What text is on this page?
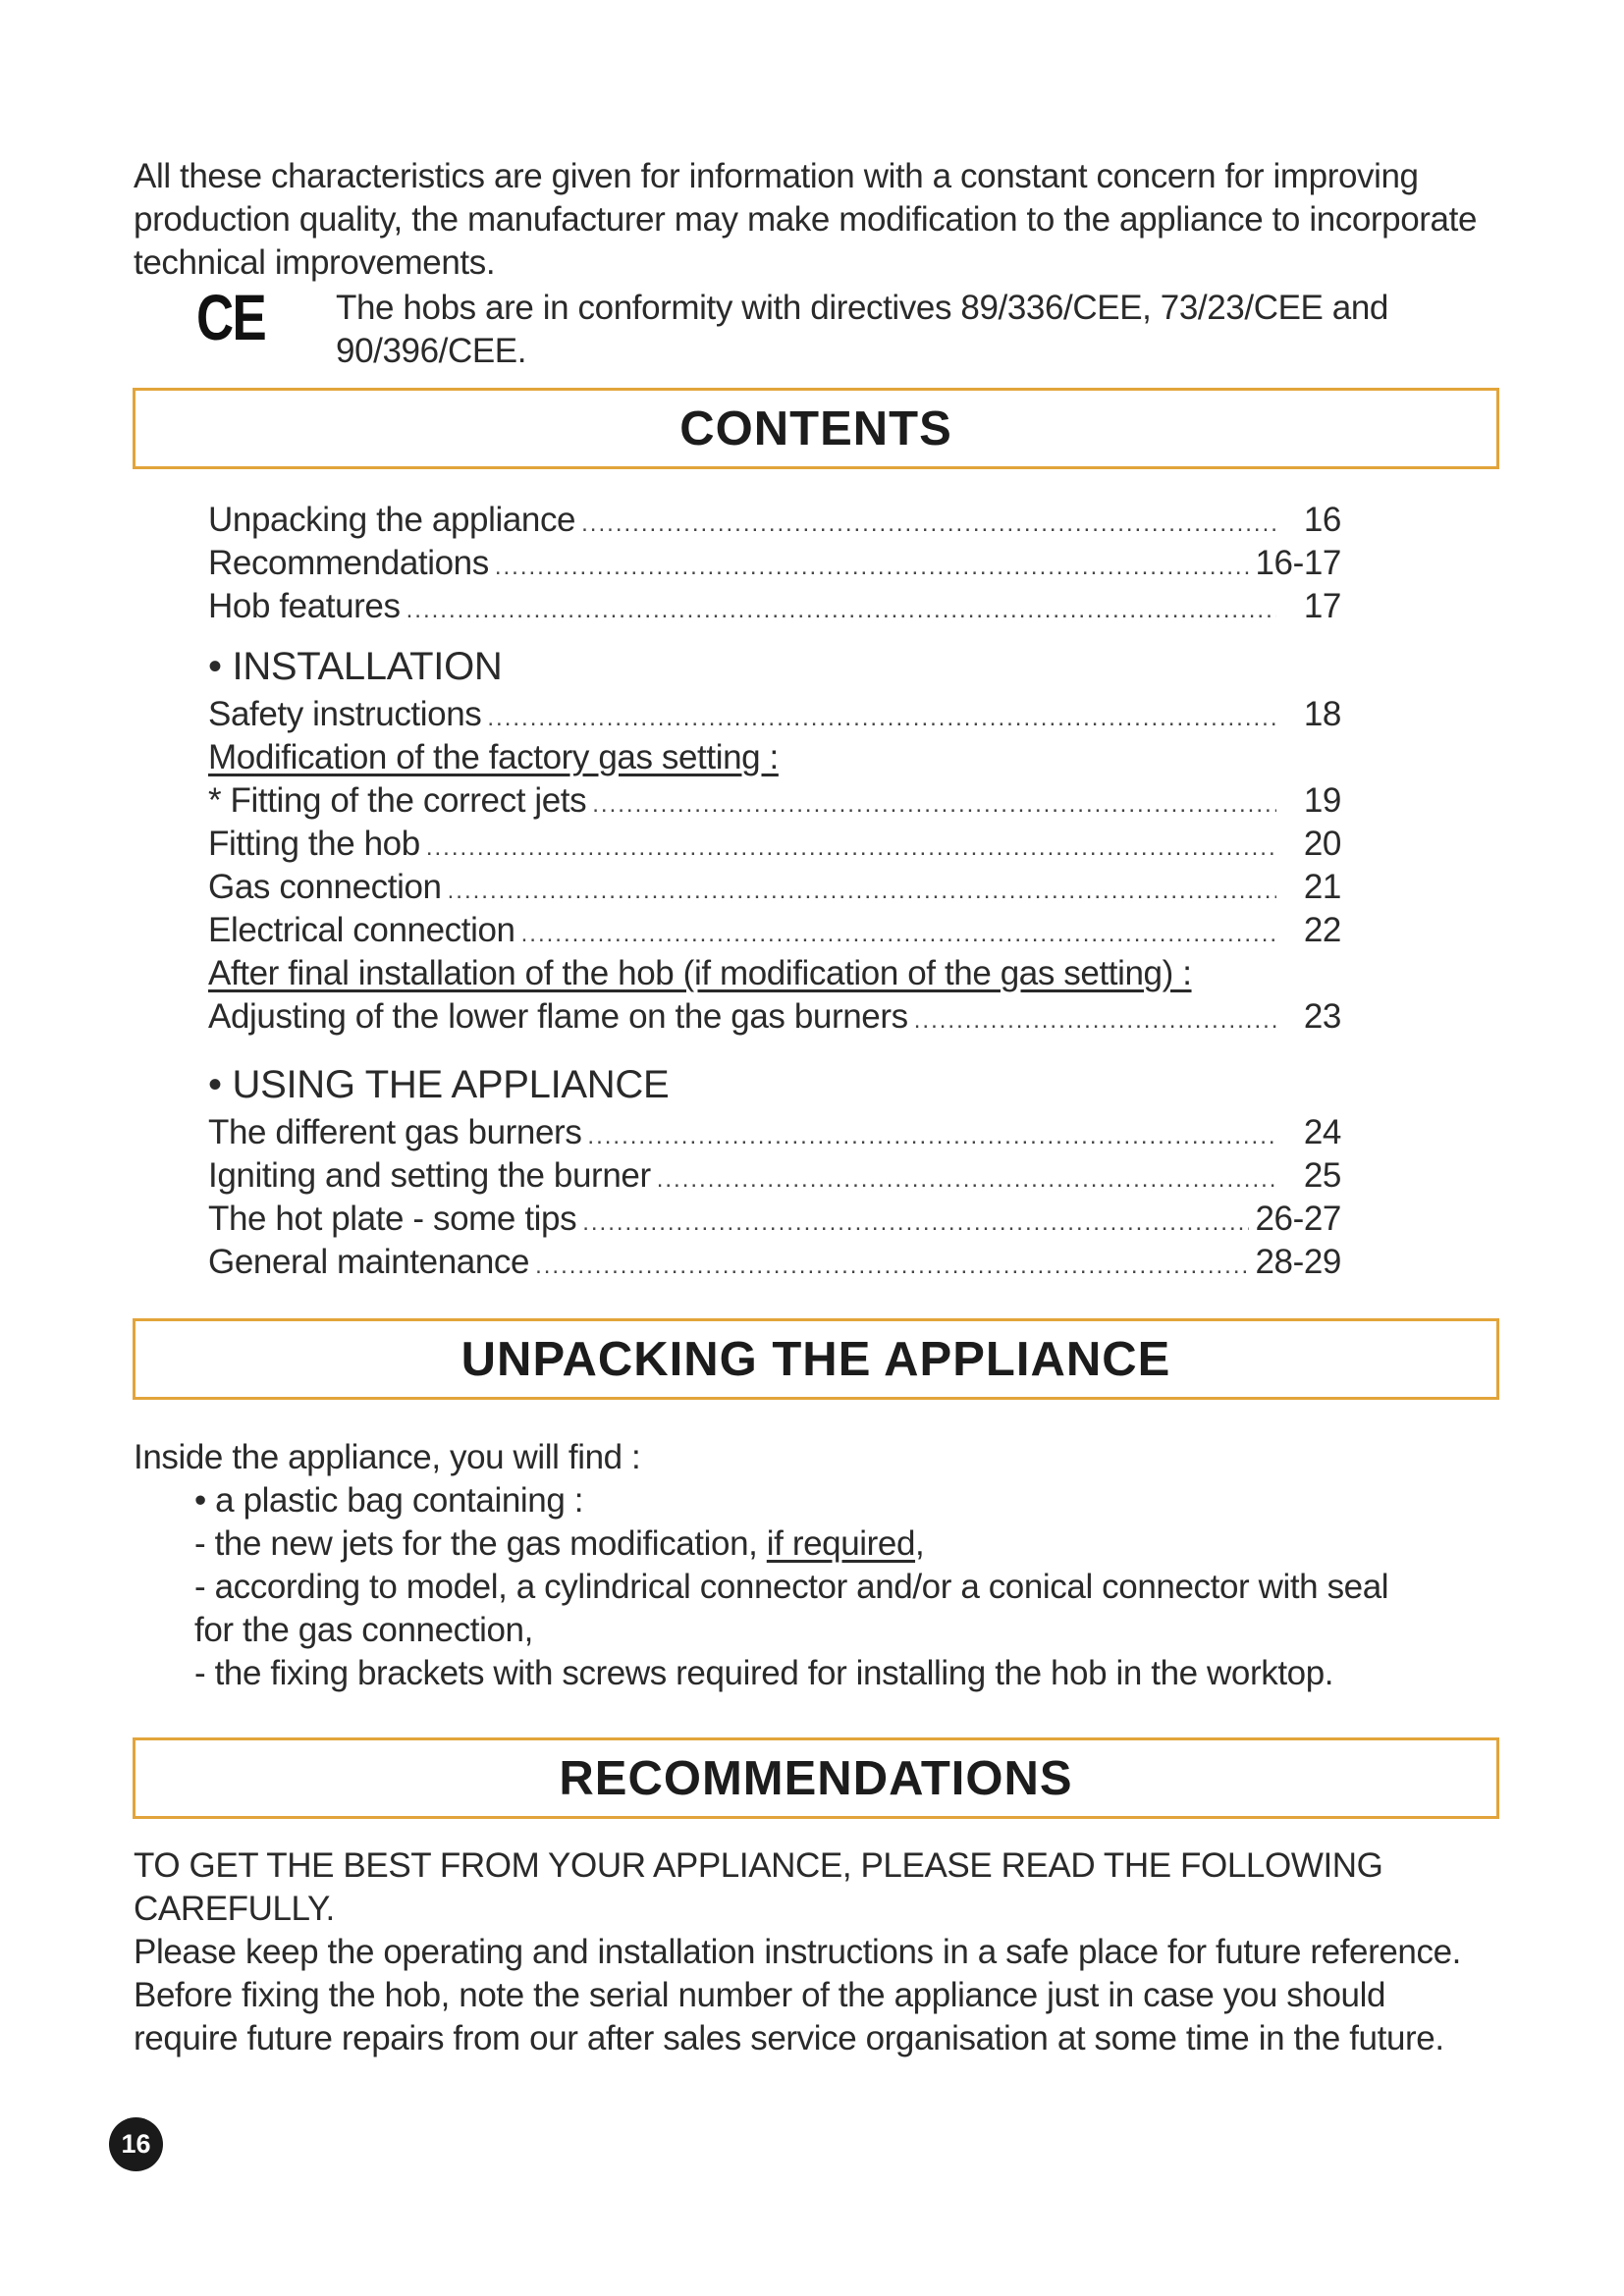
All these characteristics are given for information with a constant concern for improving
production quality, the manufacturer may make modification to the appliance to incorporate
technical improvements.
CE The hobs are in conformity with directives 89/336/CEE, 73/23/CEE and
90/396/CEE.
CONTENTS
Unpacking the appliance .....	16
Recommendations .....	16-17
Hob features .....	17
• INSTALLATION
Safety instructions .....	18
Modification of the factory gas setting :
* Fitting of the correct jets .....	19
Fitting the hob .....	20
Gas connection .....	21
Electrical connection .....	22
After final installation of the hob (if modification of the gas setting) :
Adjusting of the lower flame on the gas burners .....	23
• USING THE APPLIANCE
The different gas burners .....	24
Igniting and setting the burner .....	25
The hot plate - some tips .....	26-27
General maintenance .....	28-29
UNPACKING THE APPLIANCE
Inside the appliance, you will find :
• a plastic bag containing :
- the new jets for the gas modification, if required,
- according to model, a cylindrical connector and/or a conical connector with seal
for the gas connection,
- the fixing brackets with screws required for installing the hob in the worktop.
RECOMMENDATIONS
TO GET THE BEST FROM YOUR APPLIANCE, PLEASE READ THE FOLLOWING
CAREFULLY.
Please keep the operating and installation instructions in a safe place for future reference.
Before fixing the hob, note the serial number of the appliance just in case you should
require future repairs from our after sales service organisation at some time in the future.
16
